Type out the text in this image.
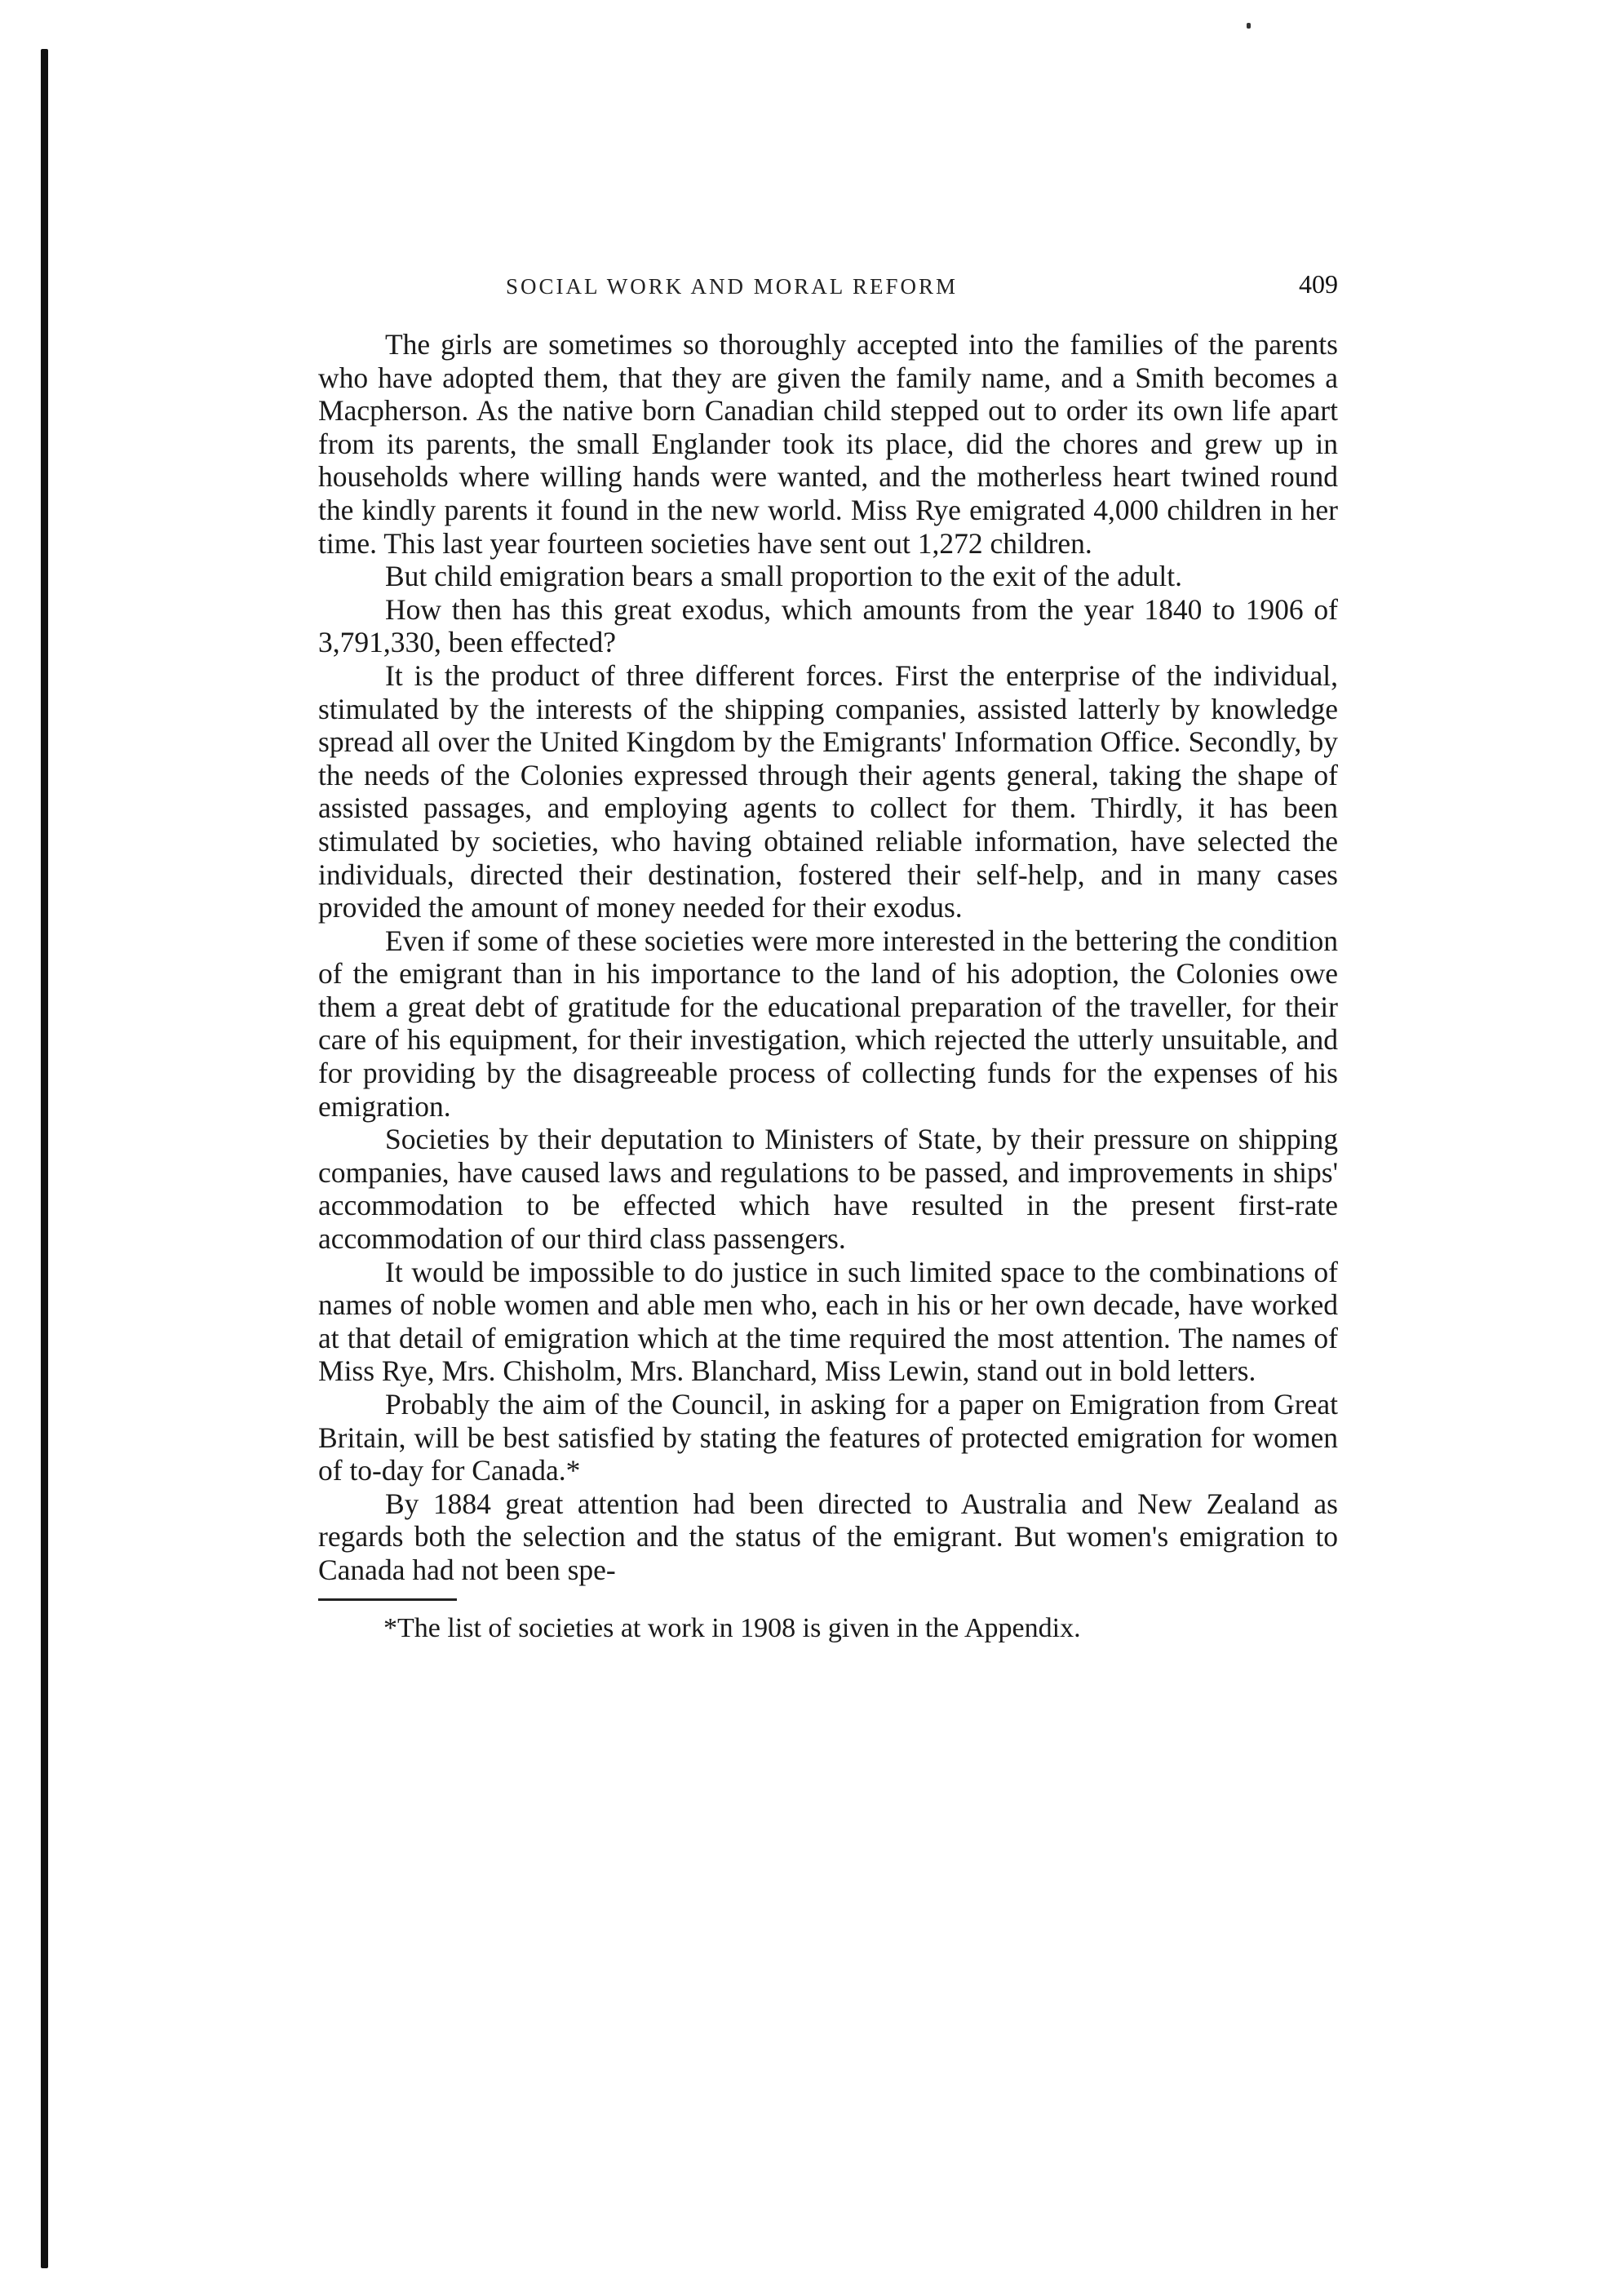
SOCIAL WORK AND MORAL REFORM	409

The girls are sometimes so thoroughly accepted into the families of the parents who have adopted them, that they are given the family name, and a Smith becomes a Macpherson. As the native born Canadian child stepped out to order its own life apart from its parents, the small Englander took its place, did the chores and grew up in households where willing hands were wanted, and the motherless heart twined round the kindly parents it found in the new world. Miss Rye emigrated 4,000 children in her time. This last year fourteen societies have sent out 1,272 children.

But child emigration bears a small proportion to the exit of the adult.

How then has this great exodus, which amounts from the year 1840 to 1906 of 3,791,330, been effected?

It is the product of three different forces. First the enterprise of the individual, stimulated by the interests of the shipping companies, assisted latterly by knowledge spread all over the United Kingdom by the Emigrants' Information Office. Secondly, by the needs of the Colonies expressed through their agents general, taking the shape of assisted passages, and employing agents to collect for them. Thirdly, it has been stimulated by societies, who having obtained reliable information, have selected the individuals, directed their destination, fostered their self-help, and in many cases provided the amount of money needed for their exodus.

Even if some of these societies were more interested in the bettering the condition of the emigrant than in his importance to the land of his adoption, the Colonies owe them a great debt of gratitude for the educational preparation of the traveller, for their care of his equipment, for their investigation, which rejected the utterly unsuitable, and for providing by the disagreeable process of collecting funds for the expenses of his emigration.

Societies by their deputation to Ministers of State, by their pressure on shipping companies, have caused laws and regulations to be passed, and improvements in ships' accommodation to be effected which have resulted in the present first-rate accommodation of our third class passengers.

It would be impossible to do justice in such limited space to the combinations of names of noble women and able men who, each in his or her own decade, have worked at that detail of emigration which at the time required the most attention. The names of Miss Rye, Mrs. Chisholm, Mrs. Blanchard, Miss Lewin, stand out in bold letters.

Probably the aim of the Council, in asking for a paper on Emigration from Great Britain, will be best satisfied by stating the features of protected emigration for women of to-day for Canada.*

By 1884 great attention had been directed to Australia and New Zealand as regards both the selection and the status of the emigrant. But women's emigration to Canada had not been spe-

*The list of societies at work in 1908 is given in the Appendix.
